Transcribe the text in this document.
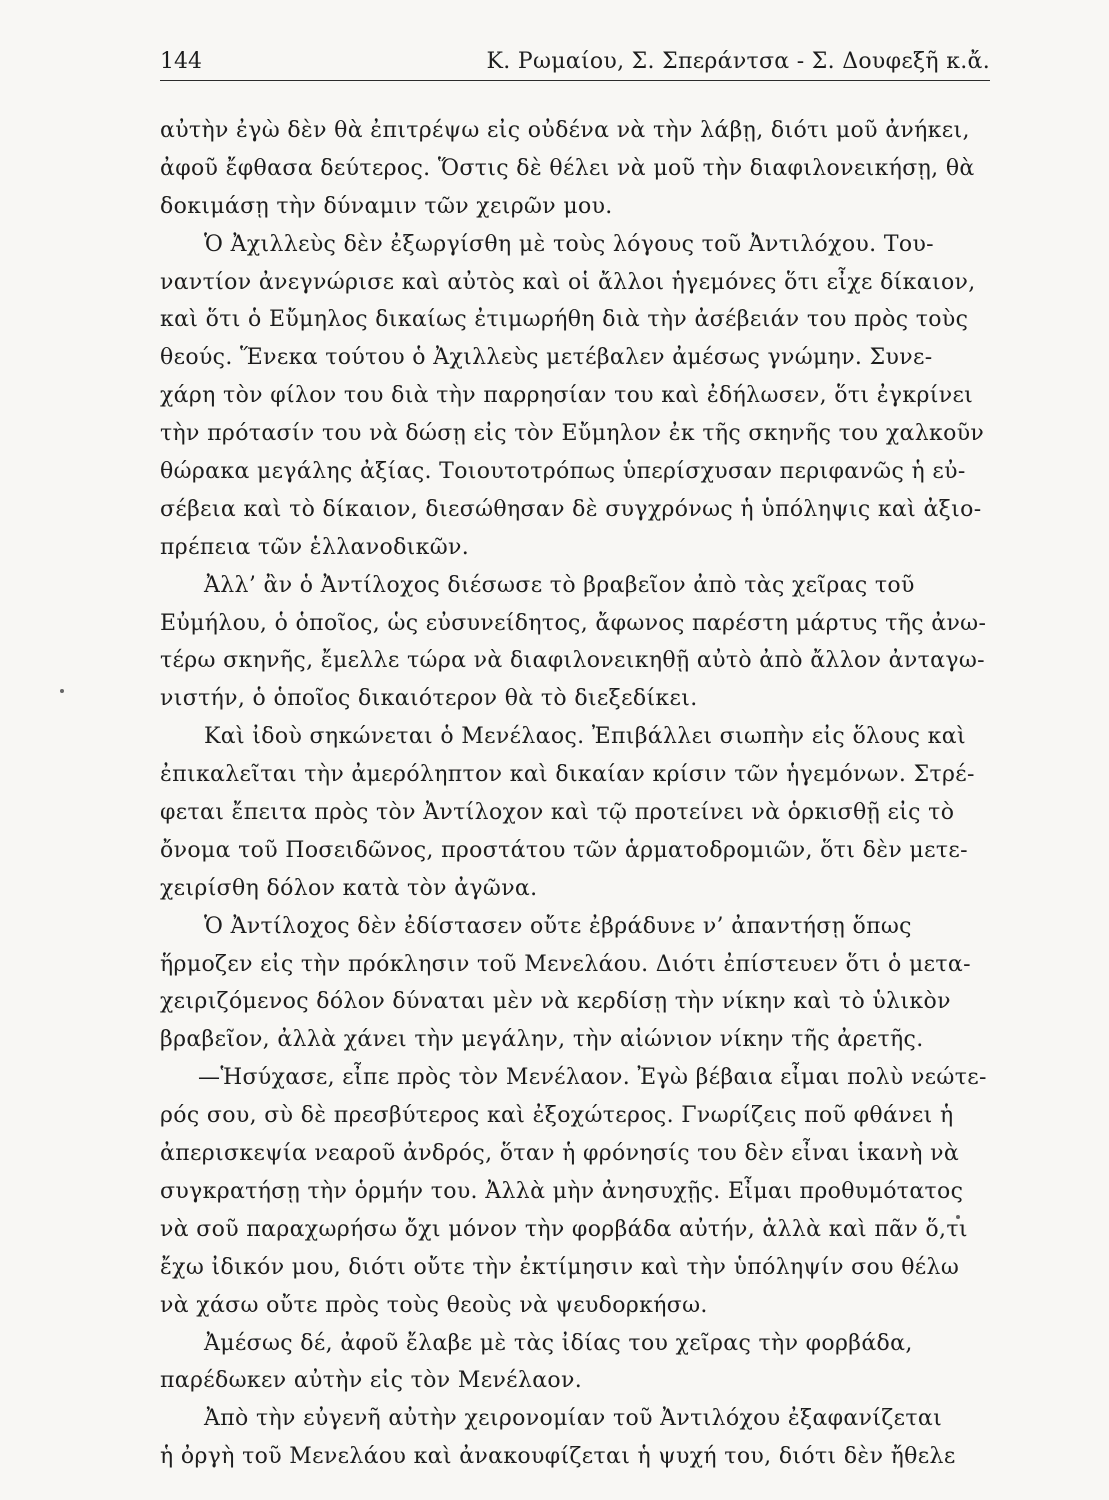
144	Κ. Ρωμαίου, Σ. Σπεράντσα - Σ. Δουφεξῆ κ.ἄ.
αὐτὴν ἐγὼ δὲν θὰ ἐπιτρέψω εἰς οὐδένα νὰ τὴν λάβῃ, διότι μοῦ ἀνήκει,
ἀφοῦ ἔφθασα δεύτερος. Ὅστις δὲ θέλει νὰ μοῦ τὴν διαφιλονεικήσῃ, θὰ
δοκιμάσῃ τὴν δύναμιν τῶν χειρῶν μου.
Ὁ Ἀχιλλεὺς δὲν ἐξωργίσθη μὲ τοὺς λόγους τοῦ Ἀντιλόχου. Του-
ναντίον ἀνεγνώρισε καὶ αὐτὸς καὶ οἱ ἄλλοι ἡγεμόνες ὅτι εἶχε δίκαιον,
καὶ ὅτι ὁ Εὔμηλος δικαίως ἐτιμωρήθη διὰ τὴν ἀσέβειάν του πρὸς τοὺς
θεούς. Ἕνεκα τούτου ὁ Ἀχιλλεὺς μετέβαλεν ἀμέσως γνώμην. Συνε-
χάρη τὸν φίλον του διὰ τὴν παρρησίαν του καὶ ἐδήλωσεν, ὅτι ἐγκρίνει
τὴν πρότασίν του νὰ δώσῃ εἰς τὸν Εὔμηλον ἐκ τῆς σκηνῆς του χαλκοῦν
θώρακα μεγάλης ἀξίας. Τοιουτοτρόπως ὑπερίσχυσαν περιφανῶς ἡ εὐ-
σέβεια καὶ τὸ δίκαιον, διεσώθησαν δὲ συγχρόνως ἡ ὑπόληψις καὶ ἀξιο-
πρέπεια τῶν ἑλλανοδικῶν.
Ἀλλ’ ἂν ὁ Ἀντίλοχος διέσωσε τὸ βραβεῖον ἀπὸ τὰς χεῖρας τοῦ
Εὐμήλου, ὁ ὁποῖος, ὡς εὐσυνείδητος, ἄφωνος παρέστη μάρτυς τῆς ἀνω-
τέρω σκηνῆς, ἔμελλε τώρα νὰ διαφιλονεικηθῇ αὐτὸ ἀπὸ ἄλλον ἀνταγω-
νιστήν, ὁ ὁποῖος δικαιότερον θὰ τὸ διεξεδίκει.
Καὶ ἰδοὺ σηκώνεται ὁ Μενέλαος. Ἐπιβάλλει σιωπὴν εἰς ὅλους καὶ
ἐπικαλεῖται τὴν ἀμερόληπτον καὶ δικαίαν κρίσιν τῶν ἡγεμόνων. Στρέ-
φεται ἔπειτα πρὸς τὸν Ἀντίλοχον καὶ τῷ προτείνει νὰ ὁρκισθῇ εἰς τὸ
ὄνομα τοῦ Ποσειδῶνος, προστάτου τῶν ἁρματοδρομιῶν, ὅτι δὲν μετε-
χειρίσθη δόλον κατὰ τὸν ἀγῶνα.
Ὁ Ἀντίλοχος δὲν ἐδίστασεν οὔτε ἐβράδυνε ν’ ἀπαντήσῃ ὅπως
ἥρμοζεν εἰς τὴν πρόκλησιν τοῦ Μενελάου. Διότι ἐπίστευεν ὅτι ὁ μετα-
χειριζόμενος δόλον δύναται μὲν νὰ κερδίσῃ τὴν νίκην καὶ τὸ ὑλικὸν
βραβεῖον, ἀλλὰ χάνει τὴν μεγάλην, τὴν αἰώνιον νίκην τῆς ἀρετῆς.
—Ἡσύχασε, εἶπε πρὸς τὸν Μενέλαον. Ἐγὼ βέβαια εἶμαι πολὺ νεώτε-
ρός σου, σὺ δὲ πρεσβύτερος καὶ ἐξοχώτερος. Γνωρίζεις ποῦ φθάνει ἡ
ἀπερισκεψία νεαροῦ ἀνδρός, ὅταν ἡ φρόνησίς του δὲν εἶναι ἱκανὴ νὰ
συγκρατήσῃ τὴν ὁρμήν του. Ἀλλὰ μὴν ἀνησυχῇς. Εἶμαι προθυμότατος
νὰ σοῦ παραχωρήσω ὄχι μόνον τὴν φορβάδα αὐτήν, ἀλλὰ καὶ πᾶν ὅ,τι
ἔχω ἰδικόν μου, διότι οὔτε τὴν ἐκτίμησιν καὶ τὴν ὑπόληψίν σου θέλω
νὰ χάσω οὔτε πρὸς τοὺς θεοὺς νὰ ψευδορκήσω.
Ἀμέσως δέ, ἀφοῦ ἔλαβε μὲ τὰς ἰδίας του χεῖρας τὴν φορβάδα,
παρέδωκεν αὐτὴν εἰς τὸν Μενέλαον.
Ἀπὸ τὴν εὐγενῆ αὐτὴν χειρονομίαν τοῦ Ἀντιλόχου ἐξαφανίζεται
ἡ ὀργὴ τοῦ Μενελάου καὶ ἀνακουφίζεται ἡ ψυχή του, διότι δὲν ἤθελε
